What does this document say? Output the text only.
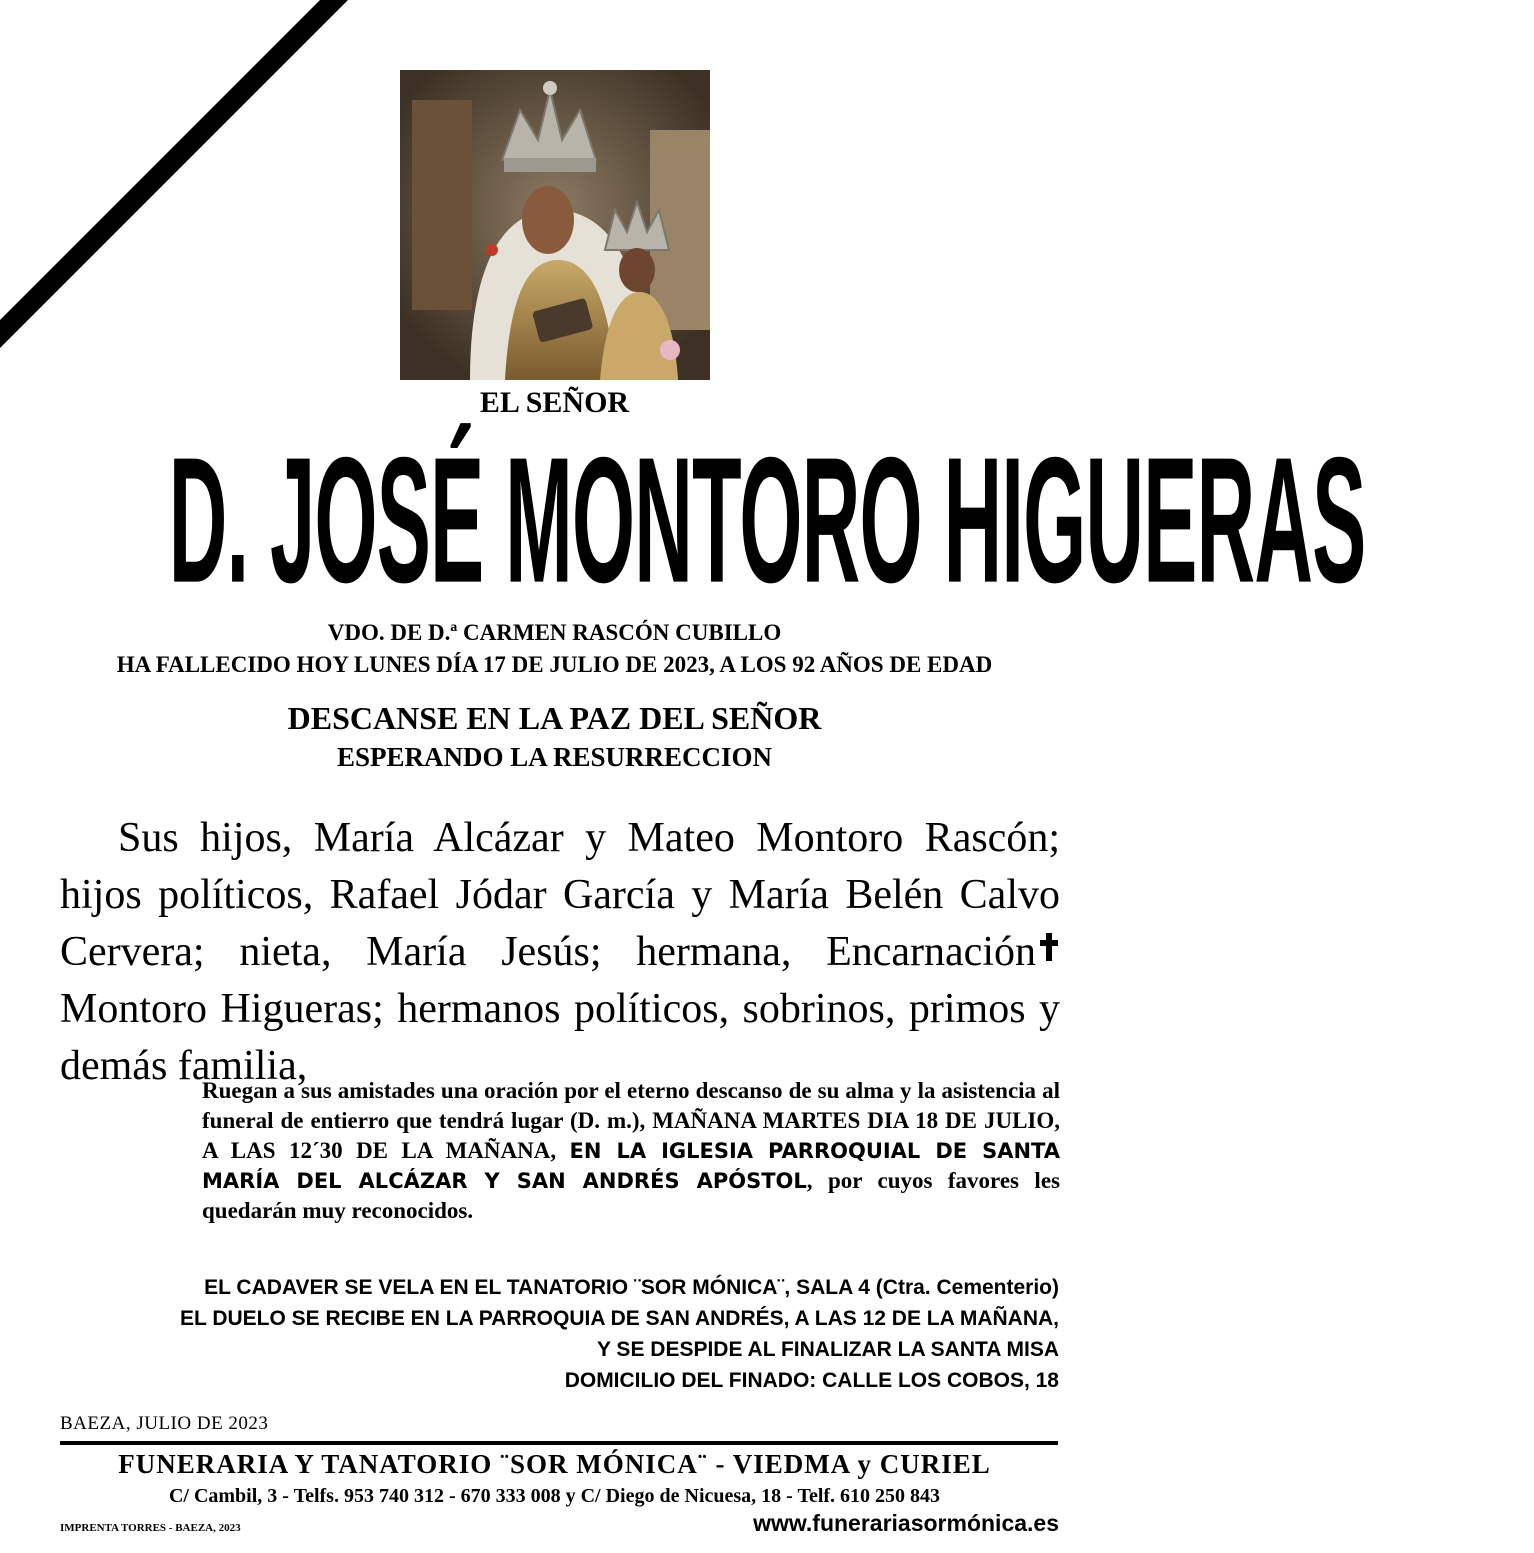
EL SEÑOR
D. JOSÉ MONTORO HIGUERAS
VDO. DE D.ª CARMEN RASCÓN CUBILLO
HA FALLECIDO HOY LUNES DÍA 17 DE JULIO DE 2023, A LOS 92 AÑOS DE EDAD
DESCANSE EN LA PAZ DEL SEÑOR
ESPERANDO LA RESURRECCION
Sus hijos, María Alcázar y Mateo Montoro Rascón; hijos políticos, Rafael Jódar García y María Belén Calvo Cervera; nieta, María Jesús; hermana, Encarnación Montoro Higueras; hermanos políticos, sobrinos, primos y demás familia,
Ruegan a sus amistades una oración por el eterno descanso de su alma y la asistencia al funeral de entierro que tendrá lugar (D. m.), MAÑANA MARTES DIA 18 DE JULIO, A LAS 12´30 DE LA MAÑANA, EN LA IGLESIA PARROQUIAL DE SANTA MARÍA DEL ALCÁZAR Y SAN ANDRÉS APÓSTOL, por cuyos favores les quedarán muy reconocidos.
EL CADAVER SE VELA EN EL TANATORIO ¨SOR MÓNICA¨, SALA 4 (Ctra. Cementerio)
EL DUELO SE RECIBE EN LA PARROQUIA DE SAN ANDRÉS, A LAS 12 DE LA MAÑANA,
Y SE DESPIDE AL FINALIZAR LA SANTA MISA
DOMICILIO DEL FINADO: CALLE LOS COBOS, 18
BAEZA, JULIO DE 2023
FUNERARIA Y TANATORIO ¨SOR MÓNICA¨ - VIEDMA y CURIEL
C/ Cambil, 3 - Telfs. 953 740 312 - 670 333 008 y C/ Diego de Nicuesa, 18 - Telf. 610 250 843
IMPRENTA TORRES - BAEZA, 2023	www.funerariasormónica.es
